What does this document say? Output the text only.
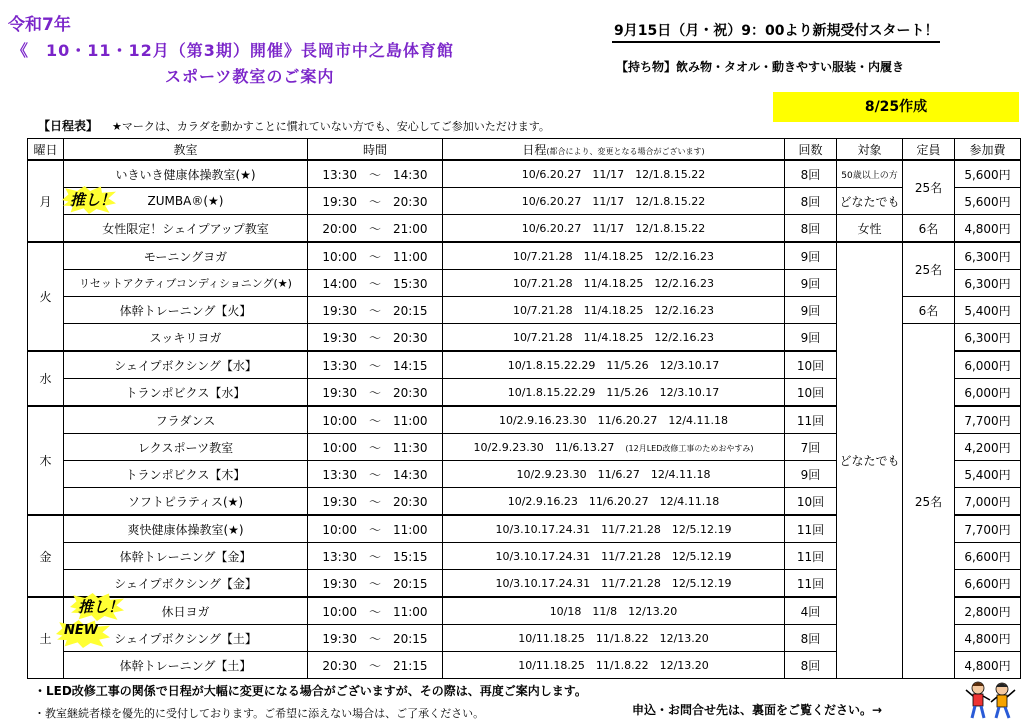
令和7年
《　10・11・12月（第3期）開催》長岡市中之島体育館
スポーツ教室のご案内
9月15日（月・祝）9：00より新規受付スタート！
【持ち物】飲み物・タオル・動きやすい服装・内履き
8/25作成
【日程表】 ★マークは、カラダを動かすことに慣れていない方でも、安心してご参加いただけます。
曜日	教室	時間	日程(都合により、変更となる場合がございます)	回数	対象	定員	参加費
月	いきいき健康体操教室(★)	13:30　～　14:30	10/6.20.27　11/17　12/1.8.15.22	8回	50歳以上の方	25名	5,600円
	ZUMBA®(★)	19:30　～　20:30	10/6.20.27　11/17　12/1.8.15.22	8回	どなたでも		5,600円
	女性限定！シェイプアップ教室	20:00　～　21:00	10/6.20.27　11/17　12/1.8.15.22	8回	女性	6名	4,800円
火	モーニングヨガ	10:00　～　11:00	10/7.21.28　11/4.18.25　12/2.16.23	9回	どなたでも	25名	6,300円
	リセットアクティブコンディショニング(★)	14:00　～　15:30	10/7.21.28　11/4.18.25　12/2.16.23	9回			6,300円
	体幹トレーニング【火】	19:30　～　20:15	10/7.21.28　11/4.18.25　12/2.16.23	9回		6名	5,400円
	スッキリヨガ	19:30　～　20:30	10/7.21.28　11/4.18.25　12/2.16.23	9回		25名	6,300円
水	シェイプボクシング【水】	13:30　～　14:15	10/1.8.15.22.29　11/5.26　12/3.10.17	10回			6,000円
	トランポビクス【水】	19:30　～　20:30	10/1.8.15.22.29　11/5.26　12/3.10.17	10回			6,000円
木	フラダンス	10:00　～　11:00	10/2.9.16.23.30　11/6.20.27　12/4.11.18	11回			7,700円
	レクスポーツ教室	10:00　～　11:30	10/2.9.23.30　11/6.13.27　 (12月LED改修工事のためおやすみ)	7回			4,200円
	トランポビクス【木】	13:30　～　14:30	10/2.9.23.30　11/6.27　12/4.11.18	9回			5,400円
	ソフトピラティス(★)	19:30　～　20:30	10/2.9.16.23　11/6.20.27　12/4.11.18	10回			7,000円
金	爽快健康体操教室(★)	10:00　～　11:00	10/3.10.17.24.31　11/7.21.28　12/5.12.19	11回			7,700円
	体幹トレーニング【金】	13:30　～　15:15	10/3.10.17.24.31　11/7.21.28　12/5.12.19	11回			6,600円
	シェイプボクシング【金】	19:30　～　20:15	10/3.10.17.24.31　11/7.21.28　12/5.12.19	11回			6,600円
土	休日ヨガ	10:00　～　11:00	10/18　11/8　12/13.20	4回			2,800円
	シェイプボクシング【土】	19:30　～　20:15	10/11.18.25　11/1.8.22　12/13.20	8回			4,800円
	体幹トレーニング【土】	20:30　～　21:15	10/11.18.25　11/1.8.22　12/13.20	8回			4,800円
推し！
推し！
NEW
・LED改修工事の関係で日程が大幅に変更になる場合がございますが、その際は、再度ご案内します。
・教室継続者様を優先的に受付しております。ご希望に添えない場合は、ご了承ください。	申込・お問合せ先は、裏面をご覧ください。→
